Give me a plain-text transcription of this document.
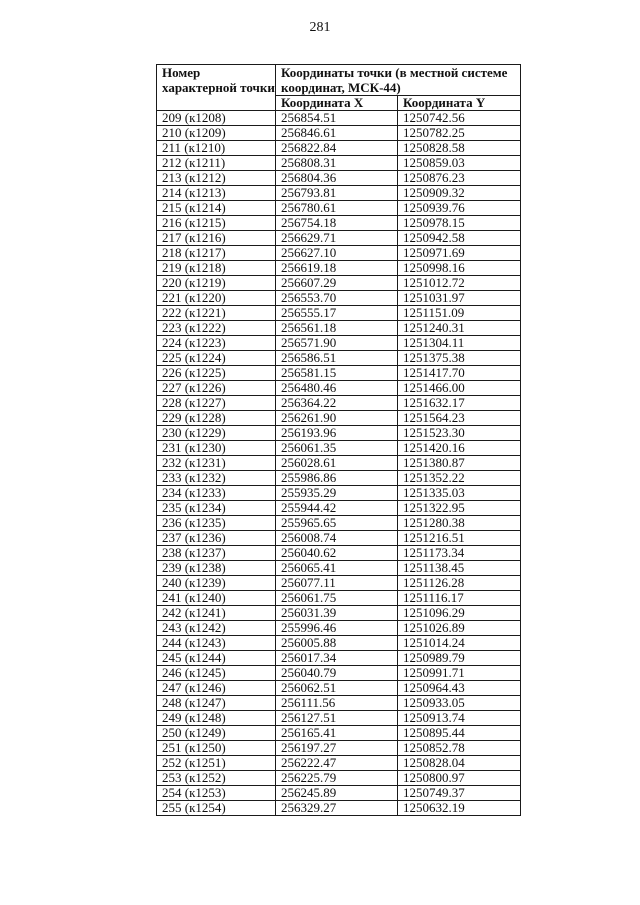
281
Номер характерной точки	Координаты точки (в местной системе координат, МСК-44)	
	Координата X	Координата Y
209 (к1208)	256854.51	1250742.56
210 (к1209)	256846.61	1250782.25
211 (к1210)	256822.84	1250828.58
212 (к1211)	256808.31	1250859.03
213 (к1212)	256804.36	1250876.23
214 (к1213)	256793.81	1250909.32
215 (к1214)	256780.61	1250939.76
216 (к1215)	256754.18	1250978.15
217 (к1216)	256629.71	1250942.58
218 (к1217)	256627.10	1250971.69
219 (к1218)	256619.18	1250998.16
220 (к1219)	256607.29	1251012.72
221 (к1220)	256553.70	1251031.97
222 (к1221)	256555.17	1251151.09
223 (к1222)	256561.18	1251240.31
224 (к1223)	256571.90	1251304.11
225 (к1224)	256586.51	1251375.38
226 (к1225)	256581.15	1251417.70
227 (к1226)	256480.46	1251466.00
228 (к1227)	256364.22	1251632.17
229 (к1228)	256261.90	1251564.23
230 (к1229)	256193.96	1251523.30
231 (к1230)	256061.35	1251420.16
232 (к1231)	256028.61	1251380.87
233 (к1232)	255986.86	1251352.22
234 (к1233)	255935.29	1251335.03
235 (к1234)	255944.42	1251322.95
236 (к1235)	255965.65	1251280.38
237 (к1236)	256008.74	1251216.51
238 (к1237)	256040.62	1251173.34
239 (к1238)	256065.41	1251138.45
240 (к1239)	256077.11	1251126.28
241 (к1240)	256061.75	1251116.17
242 (к1241)	256031.39	1251096.29
243 (к1242)	255996.46	1251026.89
244 (к1243)	256005.88	1251014.24
245 (к1244)	256017.34	1250989.79
246 (к1245)	256040.79	1250991.71
247 (к1246)	256062.51	1250964.43
248 (к1247)	256111.56	1250933.05
249 (к1248)	256127.51	1250913.74
250 (к1249)	256165.41	1250895.44
251 (к1250)	256197.27	1250852.78
252 (к1251)	256222.47	1250828.04
253 (к1252)	256225.79	1250800.97
254 (к1253)	256245.89	1250749.37
255 (к1254)	256329.27	1250632.19
